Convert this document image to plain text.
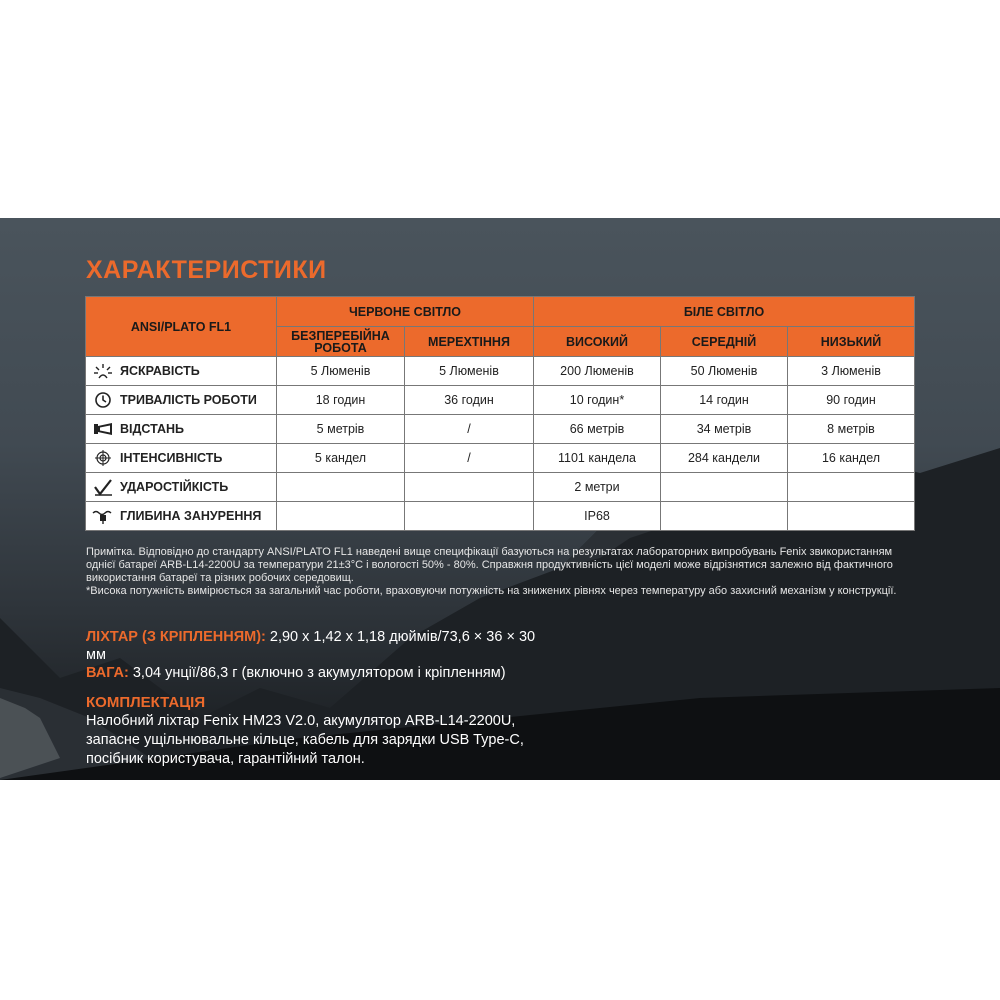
ХАРАКТЕРИСТИКИ
ANSI/PLATO FL1	ЧЕРВОНЕ СВІТЛО		БІЛЕ СВІТЛО		
	БЕЗПЕРЕБІЙНА РОБОТА	МЕРЕХТІННЯ	ВИСОКИЙ	СЕРЕДНІЙ	НИЗЬКИЙ

ЯСКРАВІСТЬ	5 Люменів	5 Люменів	200 Люменів	50 Люменів	3 Люменів

ТРИВАЛІСТЬ РОБОТИ	18 годин	36 годин	10 годин*	14 годин	90 годин

ВІДСТАНЬ	5 метрів	/	66 метрів	34 метрів	8 метрів

ІНТЕНСИВНІСТЬ	5 кандел	/	1101 кандела	284 кандели	16 кандел

УДАРОСТІЙКІСТЬ			2 метри		

ГЛИБИНА ЗАНУРЕННЯ			IP68		
Примітка. Відповідно до стандарту ANSI/PLATO FL1 наведені вище специфікації базуються на результатах лабораторних випробувань Fenix звикористанням однієї батареї ARB-L14-2200U за температури 21±3°C і вологості 50% - 80%. Справжня продуктивність цієї моделі може відрізнятися залежно від фактичного використання батареї та різних робочих середовищ.
*Висока потужність вимірюється за загальний час роботи, враховуючи потужність на знижених рівнях через температуру або захисний механізм у конструкції.

ЛІХТАР (З КРІПЛЕННЯМ): 2,90 x 1,42 x 1,18 дюймів/73,6 × 36 × 30 мм

ВАГА: 3,04 унції/86,3 г (включно з акумулятором і кріпленням)

КОМПЛЕКТАЦІЯ

Налобний ліхтар Fenix HM23 V2.0, акумулятор ARB-L14-2200U, запасне ущільнювальне кільце, кабель для зарядки USB Type-C, посібник користувача, гарантійний талон.
